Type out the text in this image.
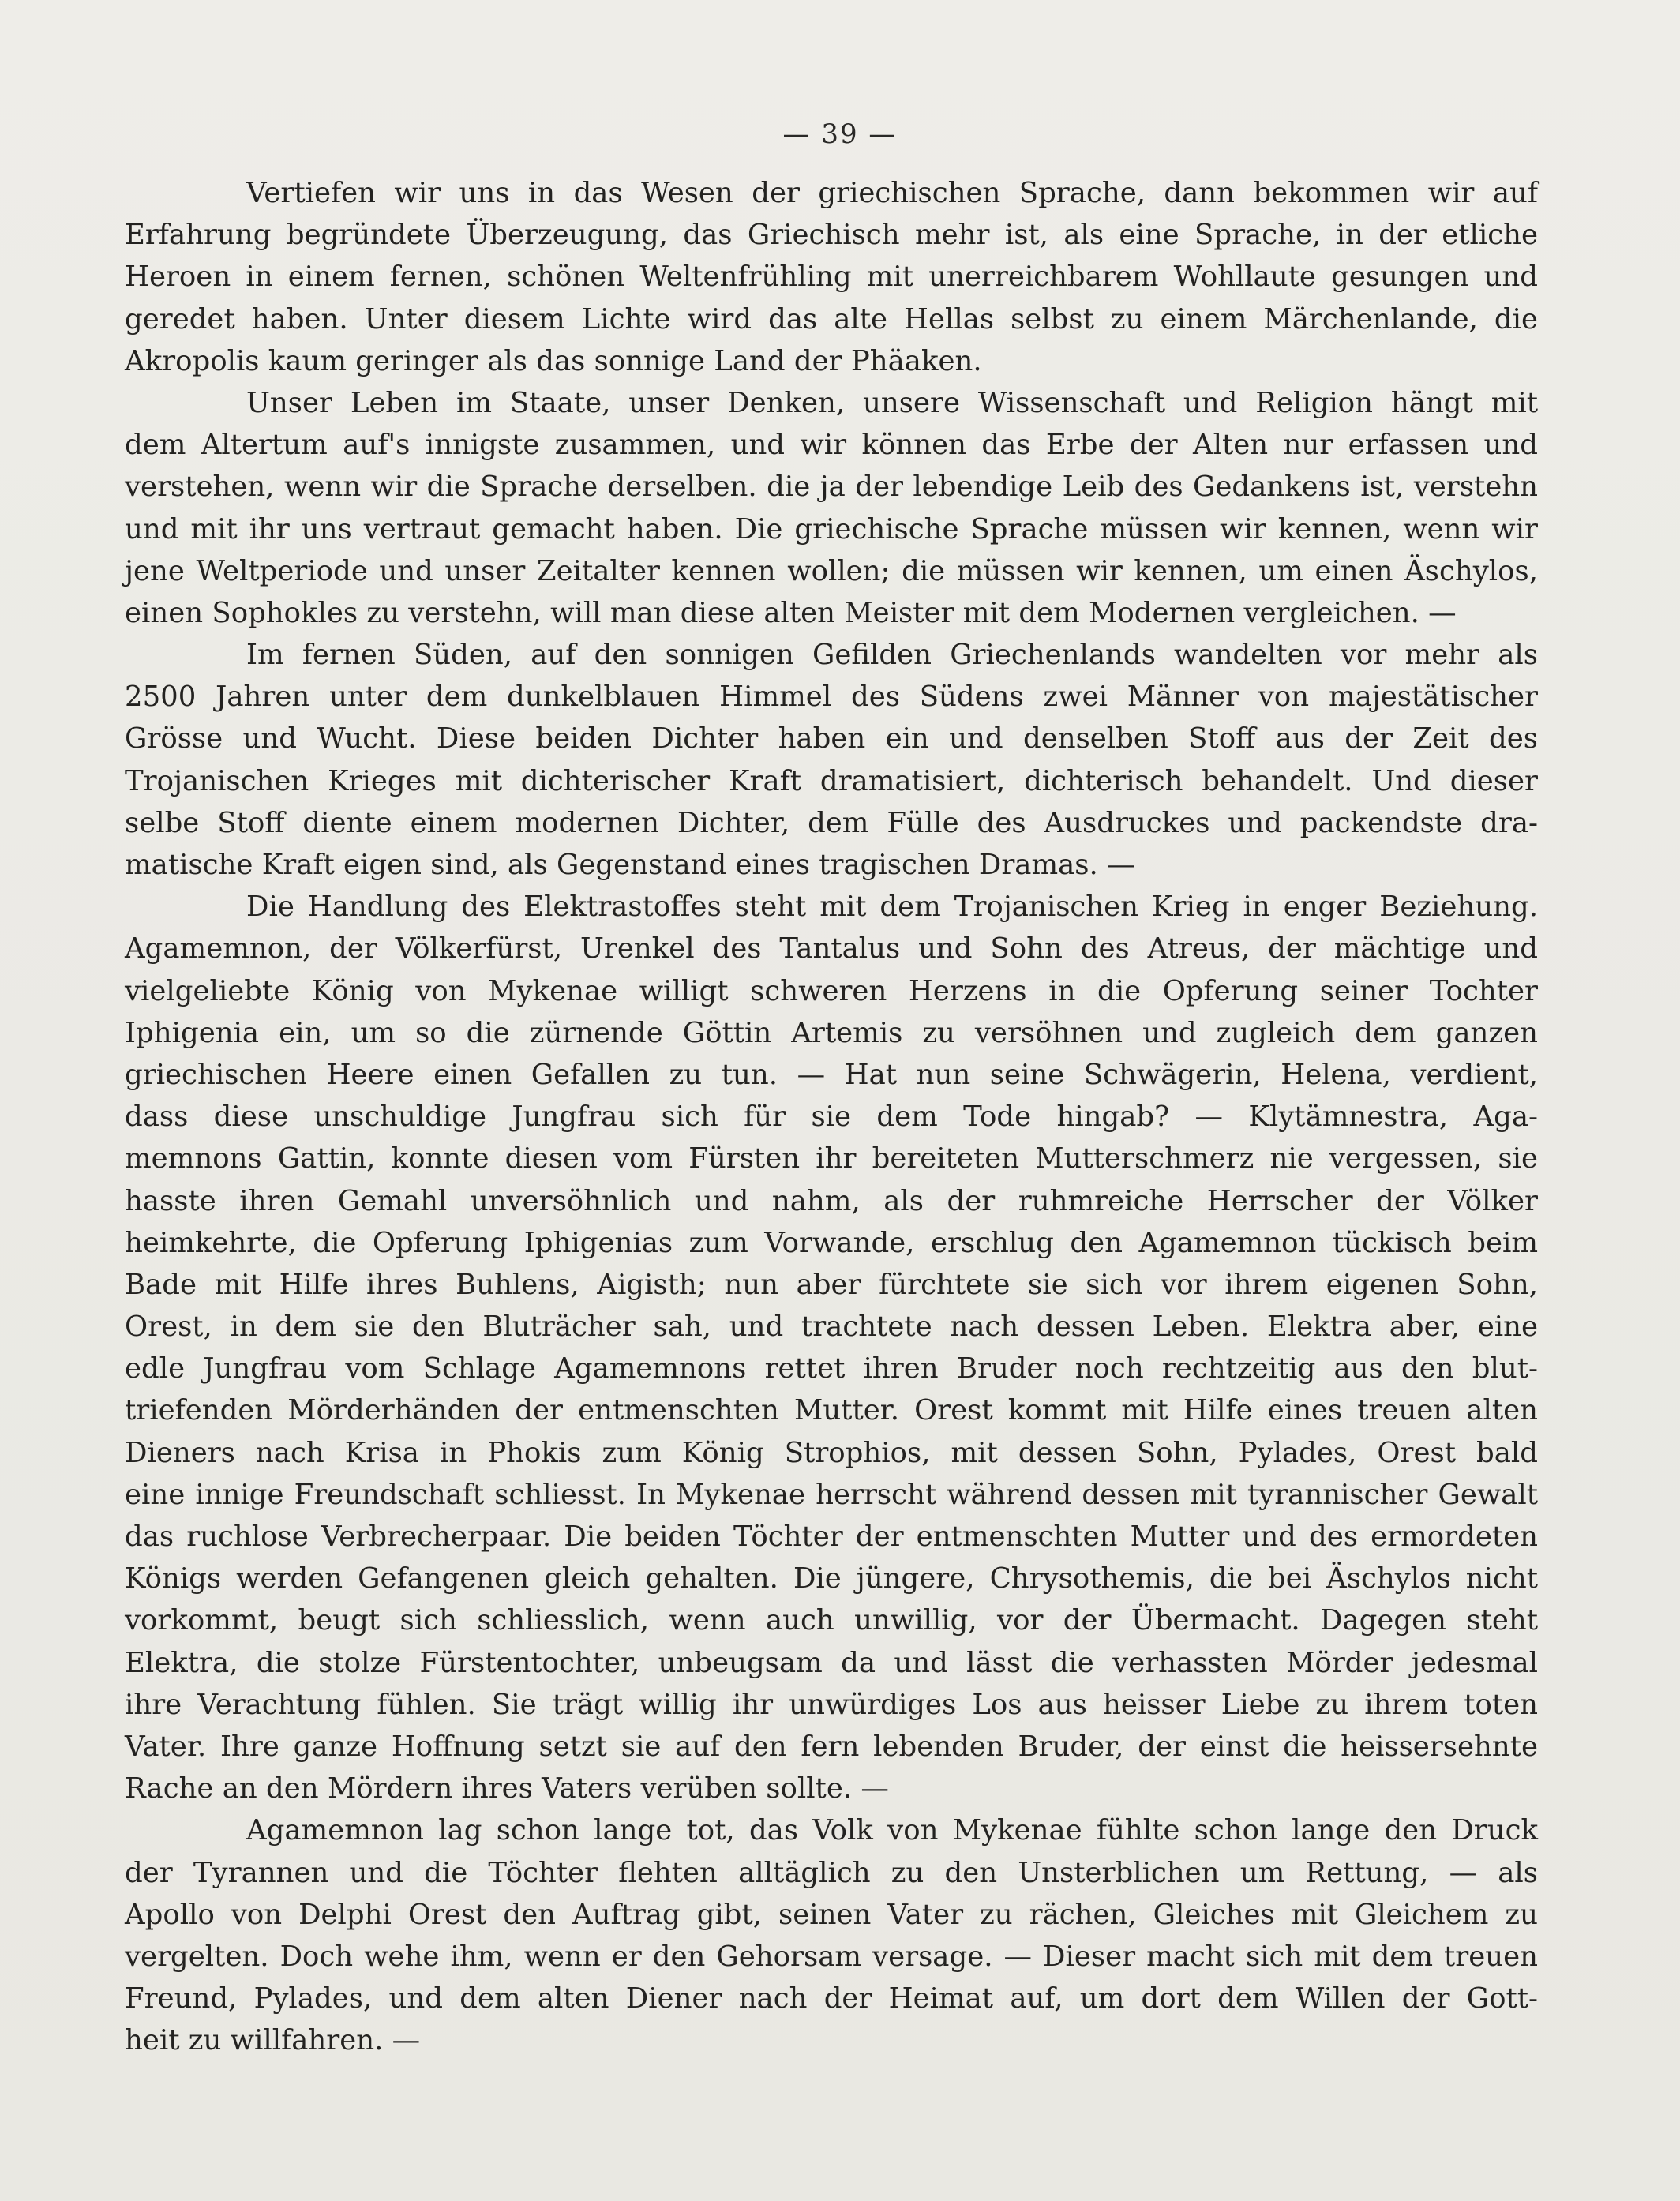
— 39 —
Vertiefen wir uns in das Wesen der griechischen Sprache, dann bekommen wir auf
Erfahrung begründete Überzeugung, das Griechisch mehr ist, als eine Sprache, in der etliche
Heroen in einem fernen, schönen Weltenfrühling mit unerreichbarem Wohllaute gesungen und
geredet haben. Unter diesem Lichte wird das alte Hellas selbst zu einem Märchenlande, die
Akropolis kaum geringer als das sonnige Land der Phäaken.
Unser Leben im Staate, unser Denken, unsere Wissenschaft und Religion hängt mit
dem Altertum auf's innigste zusammen, und wir können das Erbe der Alten nur erfassen und
verstehen, wenn wir die Sprache derselben. die ja der lebendige Leib des Gedankens ist, verstehn
und mit ihr uns vertraut gemacht haben. Die griechische Sprache müssen wir kennen, wenn wir
jene Weltperiode und unser Zeitalter kennen wollen; die müssen wir kennen, um einen Äschylos,
einen Sophokles zu verstehn, will man diese alten Meister mit dem Modernen vergleichen. —
Im fernen Süden, auf den sonnigen Gefilden Griechenlands wandelten vor mehr als
2500 Jahren unter dem dunkelblauen Himmel des Südens zwei Männer von majestätischer
Grösse und Wucht. Diese beiden Dichter haben ein und denselben Stoff aus der Zeit des
Trojanischen Krieges mit dichterischer Kraft dramatisiert, dichterisch behandelt. Und dieser
selbe Stoff diente einem modernen Dichter, dem Fülle des Ausdruckes und packendste dra-
matische Kraft eigen sind, als Gegenstand eines tragischen Dramas. —
Die Handlung des Elektrastoffes steht mit dem Trojanischen Krieg in enger Beziehung.
Agamemnon, der Völkerfürst, Urenkel des Tantalus und Sohn des Atreus, der mächtige und
vielgeliebte König von Mykenae willigt schweren Herzens in die Opferung seiner Tochter
Iphigenia ein, um so die zürnende Göttin Artemis zu versöhnen und zugleich dem ganzen
griechischen Heere einen Gefallen zu tun. — Hat nun seine Schwägerin, Helena, verdient,
dass diese unschuldige Jungfrau sich für sie dem Tode hingab? — Klytämnestra, Aga-
memnons Gattin, konnte diesen vom Fürsten ihr bereiteten Mutterschmerz nie vergessen, sie
hasste ihren Gemahl unversöhnlich und nahm, als der ruhmreiche Herrscher der Völker
heimkehrte, die Opferung Iphigenias zum Vorwande, erschlug den Agamemnon tückisch beim
Bade mit Hilfe ihres Buhlens, Aigisth; nun aber fürchtete sie sich vor ihrem eigenen Sohn,
Orest, in dem sie den Bluträcher sah, und trachtete nach dessen Leben. Elektra aber, eine
edle Jungfrau vom Schlage Agamemnons rettet ihren Bruder noch rechtzeitig aus den blut-
triefenden Mörderhänden der entmenschten Mutter. Orest kommt mit Hilfe eines treuen alten
Dieners nach Krisa in Phokis zum König Strophios, mit dessen Sohn, Pylades, Orest bald
eine innige Freundschaft schliesst. In Mykenae herrscht während dessen mit tyrannischer Gewalt
das ruchlose Verbrecherpaar. Die beiden Töchter der entmenschten Mutter und des ermordeten
Königs werden Gefangenen gleich gehalten. Die jüngere, Chrysothemis, die bei Äschylos nicht
vorkommt, beugt sich schliesslich, wenn auch unwillig, vor der Übermacht. Dagegen steht
Elektra, die stolze Fürstentochter, unbeugsam da und lässt die verhassten Mörder jedesmal
ihre Verachtung fühlen. Sie trägt willig ihr unwürdiges Los aus heisser Liebe zu ihrem toten
Vater. Ihre ganze Hoffnung setzt sie auf den fern lebenden Bruder, der einst die heissersehnte
Rache an den Mördern ihres Vaters verüben sollte. —
Agamemnon lag schon lange tot, das Volk von Mykenae fühlte schon lange den Druck
der Tyrannen und die Töchter flehten alltäglich zu den Unsterblichen um Rettung, — als
Apollo von Delphi Orest den Auftrag gibt, seinen Vater zu rächen, Gleiches mit Gleichem zu
vergelten. Doch wehe ihm, wenn er den Gehorsam versage. — Dieser macht sich mit dem treuen
Freund, Pylades, und dem alten Diener nach der Heimat auf, um dort dem Willen der Gott-
heit zu willfahren. —
